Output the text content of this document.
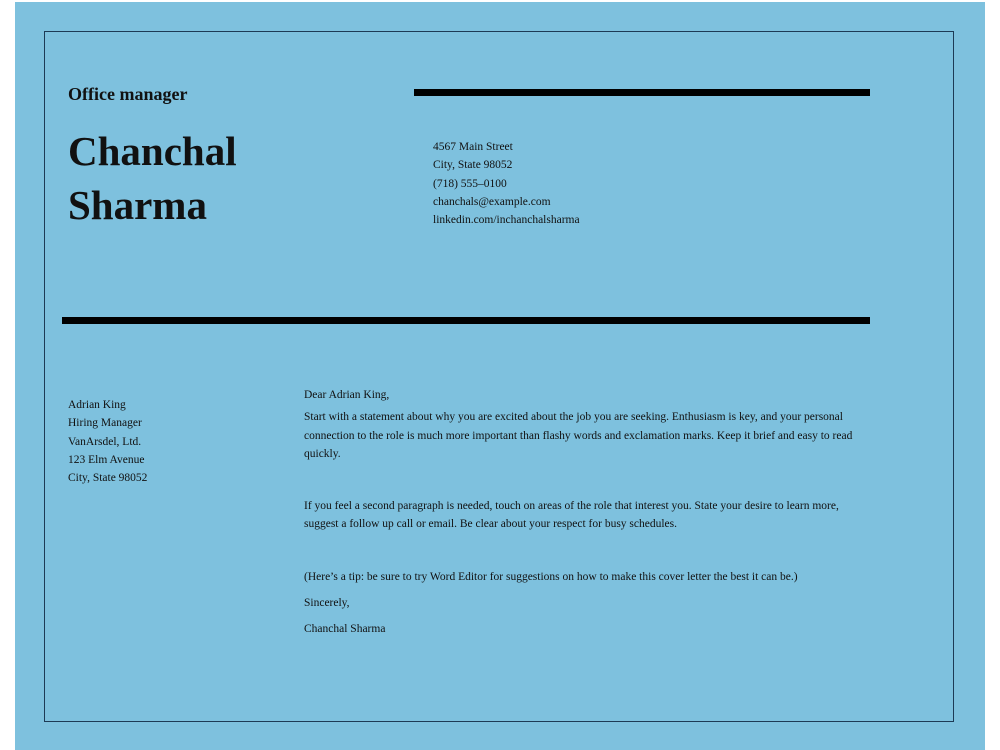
Office manager
Chanchal
Sharma
4567 Main Street
City, State 98052
(718) 555–0100
chanchals@example.com
linkedin.com/inchanchalsharma
Adrian King
Hiring Manager
VanArsdel, Ltd.
123 Elm Avenue
City, State 98052

Dear Adrian King,

Start with a statement about why you are excited about the job you are seeking. Enthusiasm is key, and your personal connection to the role is much more important than flashy words and exclamation marks. Keep it brief and easy to read quickly.

If you feel a second paragraph is needed, touch on areas of the role that interest you. State your desire to learn more, suggest a follow up call or email. Be clear about your respect for busy schedules.

(Here’s a tip: be sure to try Word Editor for suggestions on how to make this cover letter the best it can be.)

Sincerely,

Chanchal Sharma
